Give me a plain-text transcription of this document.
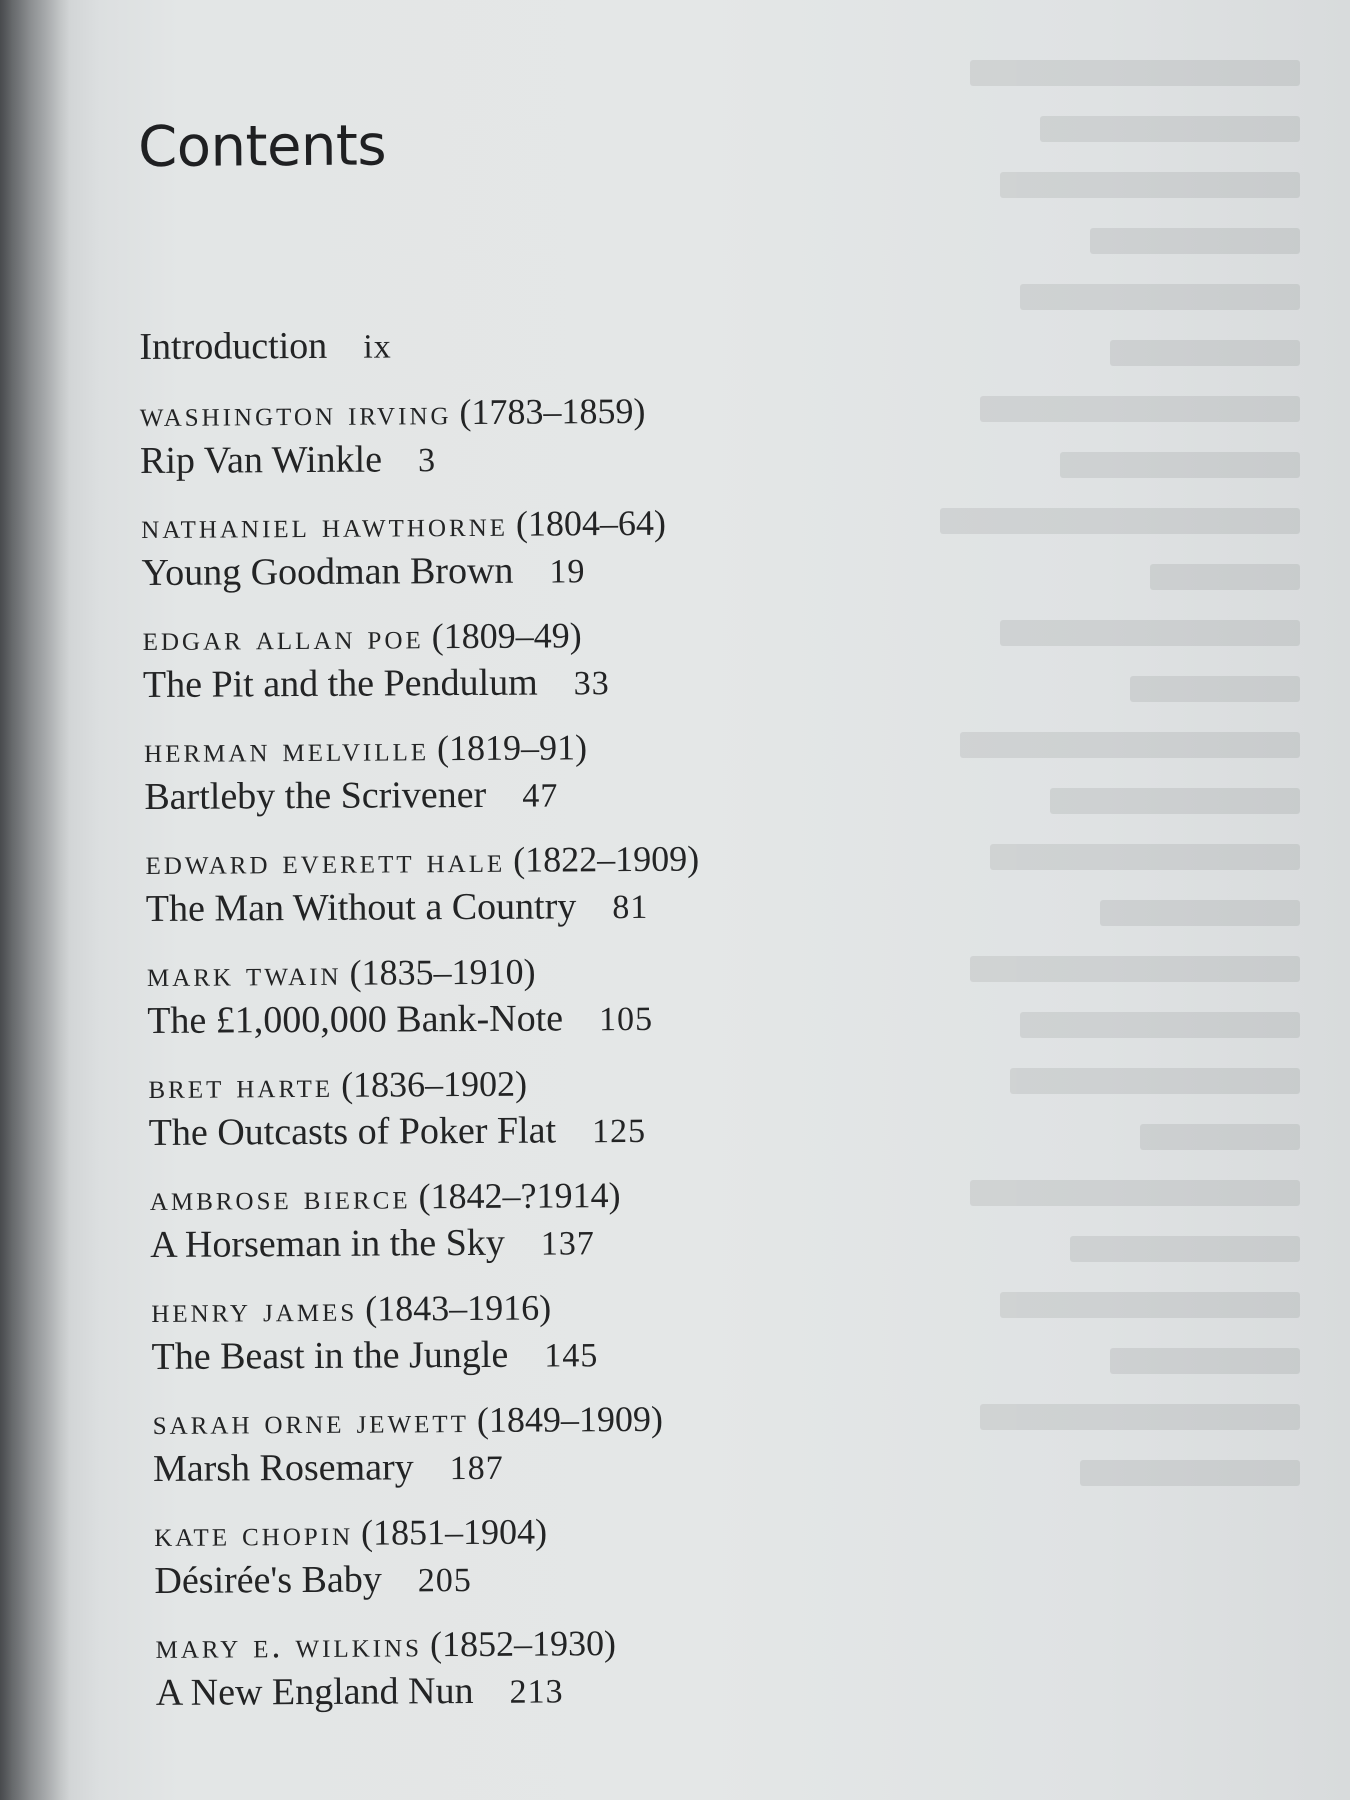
Contents
Introduction ix
washington irving (1783–1859)
Rip Van Winkle 3
nathaniel hawthorne (1804–64)
Young Goodman Brown 19
edgar allan poe (1809–49)
The Pit and the Pendulum 33
herman melville (1819–91)
Bartleby the Scrivener 47
edward everett hale (1822–1909)
The Man Without a Country 81
mark twain (1835–1910)
The £1,000,000 Bank-Note 105
bret harte (1836–1902)
The Outcasts of Poker Flat 125
ambrose bierce (1842–?1914)
A Horseman in the Sky 137
henry james (1843–1916)
The Beast in the Jungle 145
sarah orne jewett (1849–1909)
Marsh Rosemary 187
kate chopin (1851–1904)
Désirée's Baby 205
mary e. wilkins (1852–1930)
A New England Nun 213
